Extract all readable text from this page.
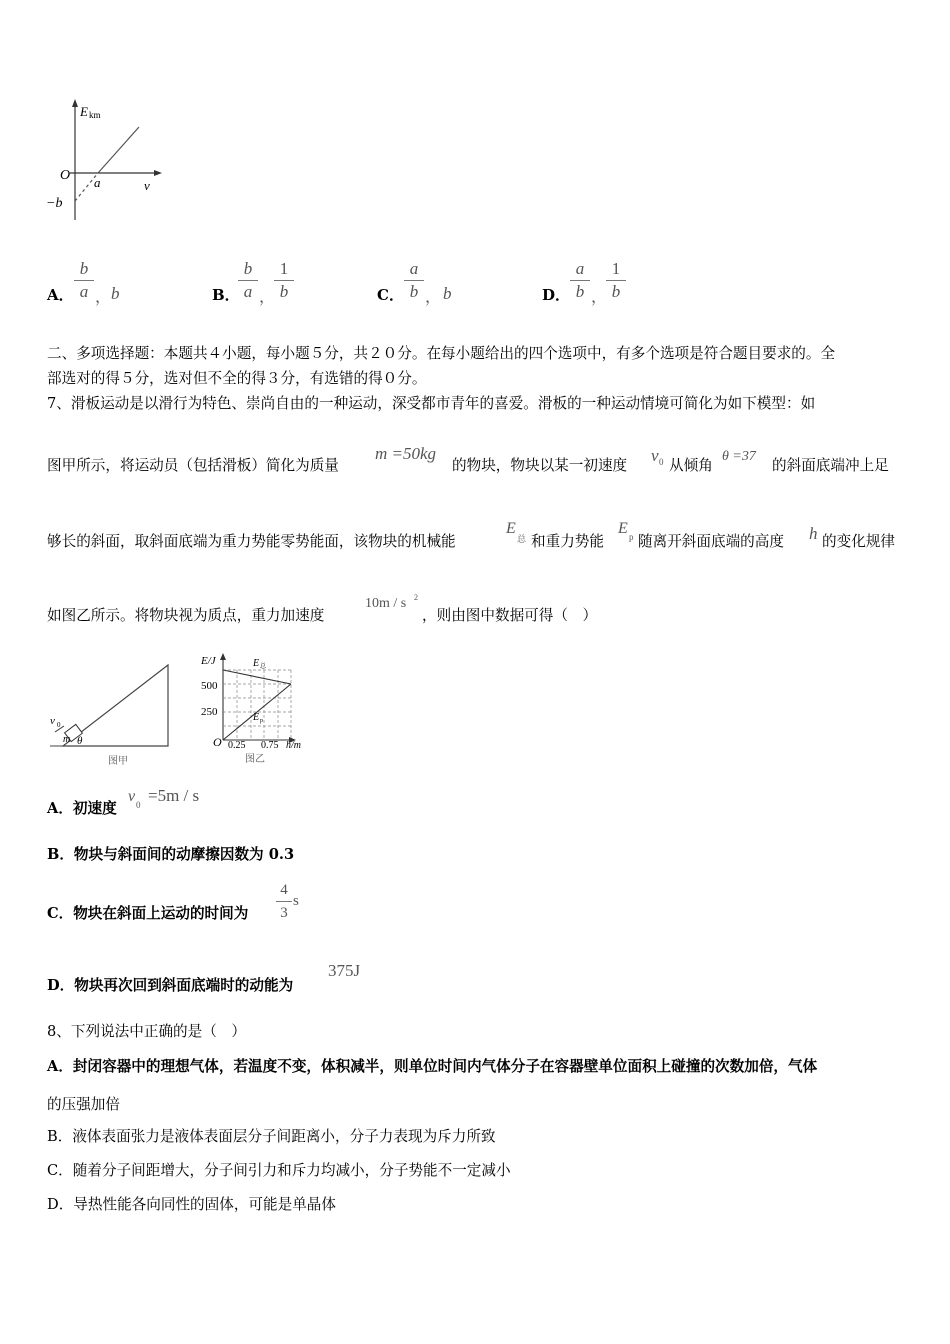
E km
O
−b
a	v
A．
b
a ， b	B．
b
a ，
1
b	C．
a
b ， b	D．
a
b ，
1
b
二、多项选择题：本题共４小题，每小题５分，共２０分。在每小题给出的四个选项中，有多个选项是符合题目要求的。全
部选对的得５分，选对但不全的得３分，有选错的得０分。
7、滑板运动是以滑行为特色、崇尚自由的一种运动，深受都市青年的喜爱。滑板的一种运动情境可简化为如下模型：如
图甲所示，将运动员（包括滑板）简化为质量
m =50kg
的物块，物块以某一初速度
v 0 从倾角
θ =37
的斜面底端冲上足
够长的斜面，取斜面底端为重力势能零势能面，该物块的机械能
E
总 和重力势能
E p 随离开斜面底端的高度 h 的变化规律
如图乙所示。将物块视为质点，重力加速度
10m / s 2
，则由图中数据可得（　）
v 0
m θ
图甲
E/J
500
250
O 0.25 0.75 h/m
E 总
E p
图乙
A．初速度
v 0 =5m / s
B．物块与斜面间的动摩擦因数为 0.3
C．物块在斜面上运动的时间为
4
3
s
D．物块再次回到斜面底端时的动能为
375J
8、下列说法中正确的是（　）
A．封闭容器中的理想气体，若温度不变，体积减半，则单位时间内气体分子在容器壁单位面积上碰撞的次数加倍，气体
的压强加倍
B．液体表面张力是液体表面层分子间距离小，分子力表现为斥力所致
C．随着分子间距增大，分子间引力和斥力均减小，分子势能不一定减小
D．导热性能各向同性的固体，可能是单晶体
